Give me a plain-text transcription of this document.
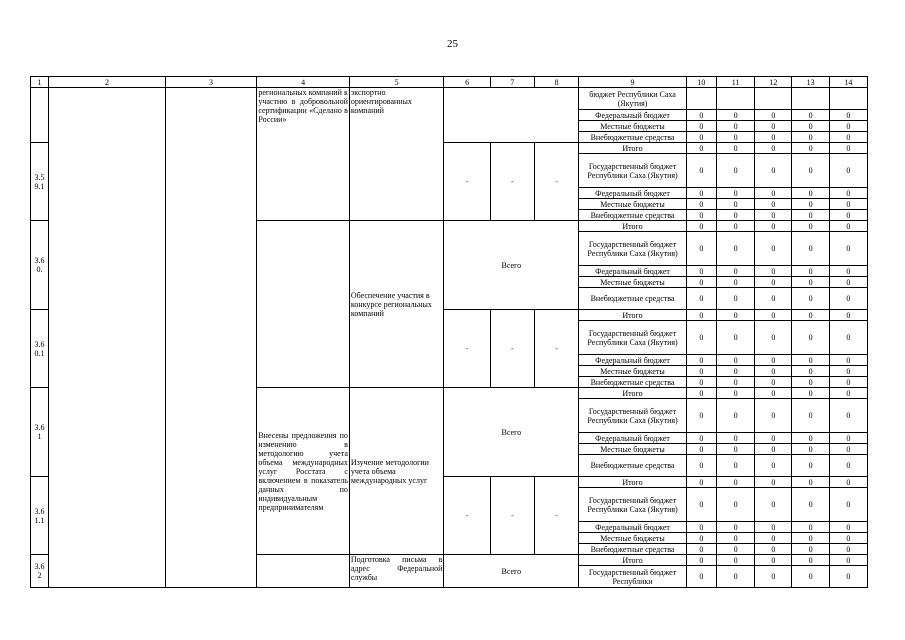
25
1	2	3	4	5	6	7	8	9	10	11	12	13	14
			региональных компаний к участию в добровольной сертификации «Сделано в России»	экспортно ориентированных компаний				бюджет Республики Саха (Якутия)					
								Федеральный бюджет	0	0	0	0	0
								Местные бюджеты	0	0	0	0	0
								Внебюджетные средства	0	0	0	0	0
3.5 9.1					-	-	-	Итого	0	0	0	0	0
								Государственный бюджет Республики Саха (Якутия)	0	0	0	0	0
								Федеральный бюджет	0	0	0	0	0
								Местные бюджеты	0	0	0	0	0
								Внебюджетные средства	0	0	0	0	0
3.6 0.				Обеспечение участия в конкурсе региональных компаний	Всего			Итого	0	0	0	0	0
								Государственный бюджет Республики Саха (Якутия)	0	0	0	0	0
								Федеральный бюджет	0	0	0	0	0
								Местные бюджеты	0	0	0	0	0
								Внебюджетные средства	0	0	0	0	0
3.6 0.1					-	-	-	Итого	0	0	0	0	0
								Государственный бюджет Республики Саха (Якутия)	0	0	0	0	0
								Федеральный бюджет	0	0	0	0	0
								Местные бюджеты	0	0	0	0	0
								Внебюджетные средства	0	0	0	0	0
3.6 1			Внесены предложения по изменению в методологию учета объема международных услуг Росстата с включением в показатель данных по индивидуальным предпринимателям	Изучение методологии учета объема международных услуг	Всего			Итого	0	0	0	0	0
								Государственный бюджет Республики Саха (Якутия)	0	0	0	0	0
								Федеральный бюджет	0	0	0	0	0
								Местные бюджеты	0	0	0	0	0
								Внебюджетные средства	0	0	0	0	0
3.6 1.1					-	-	-	Итого	0	0	0	0	0
								Государственный бюджет Республики Саха (Якутия)	0	0	0	0	0
								Федеральный бюджет	0	0	0	0	0
								Местные бюджеты	0	0	0	0	0
								Внебюджетные средства	0	0	0	0	0
3.6 2				Подготовка письма в адрес Федеральной службы	Всего			Итого	0	0	0	0	0
								Государственный бюджет Республики	0	0	0	0	0
